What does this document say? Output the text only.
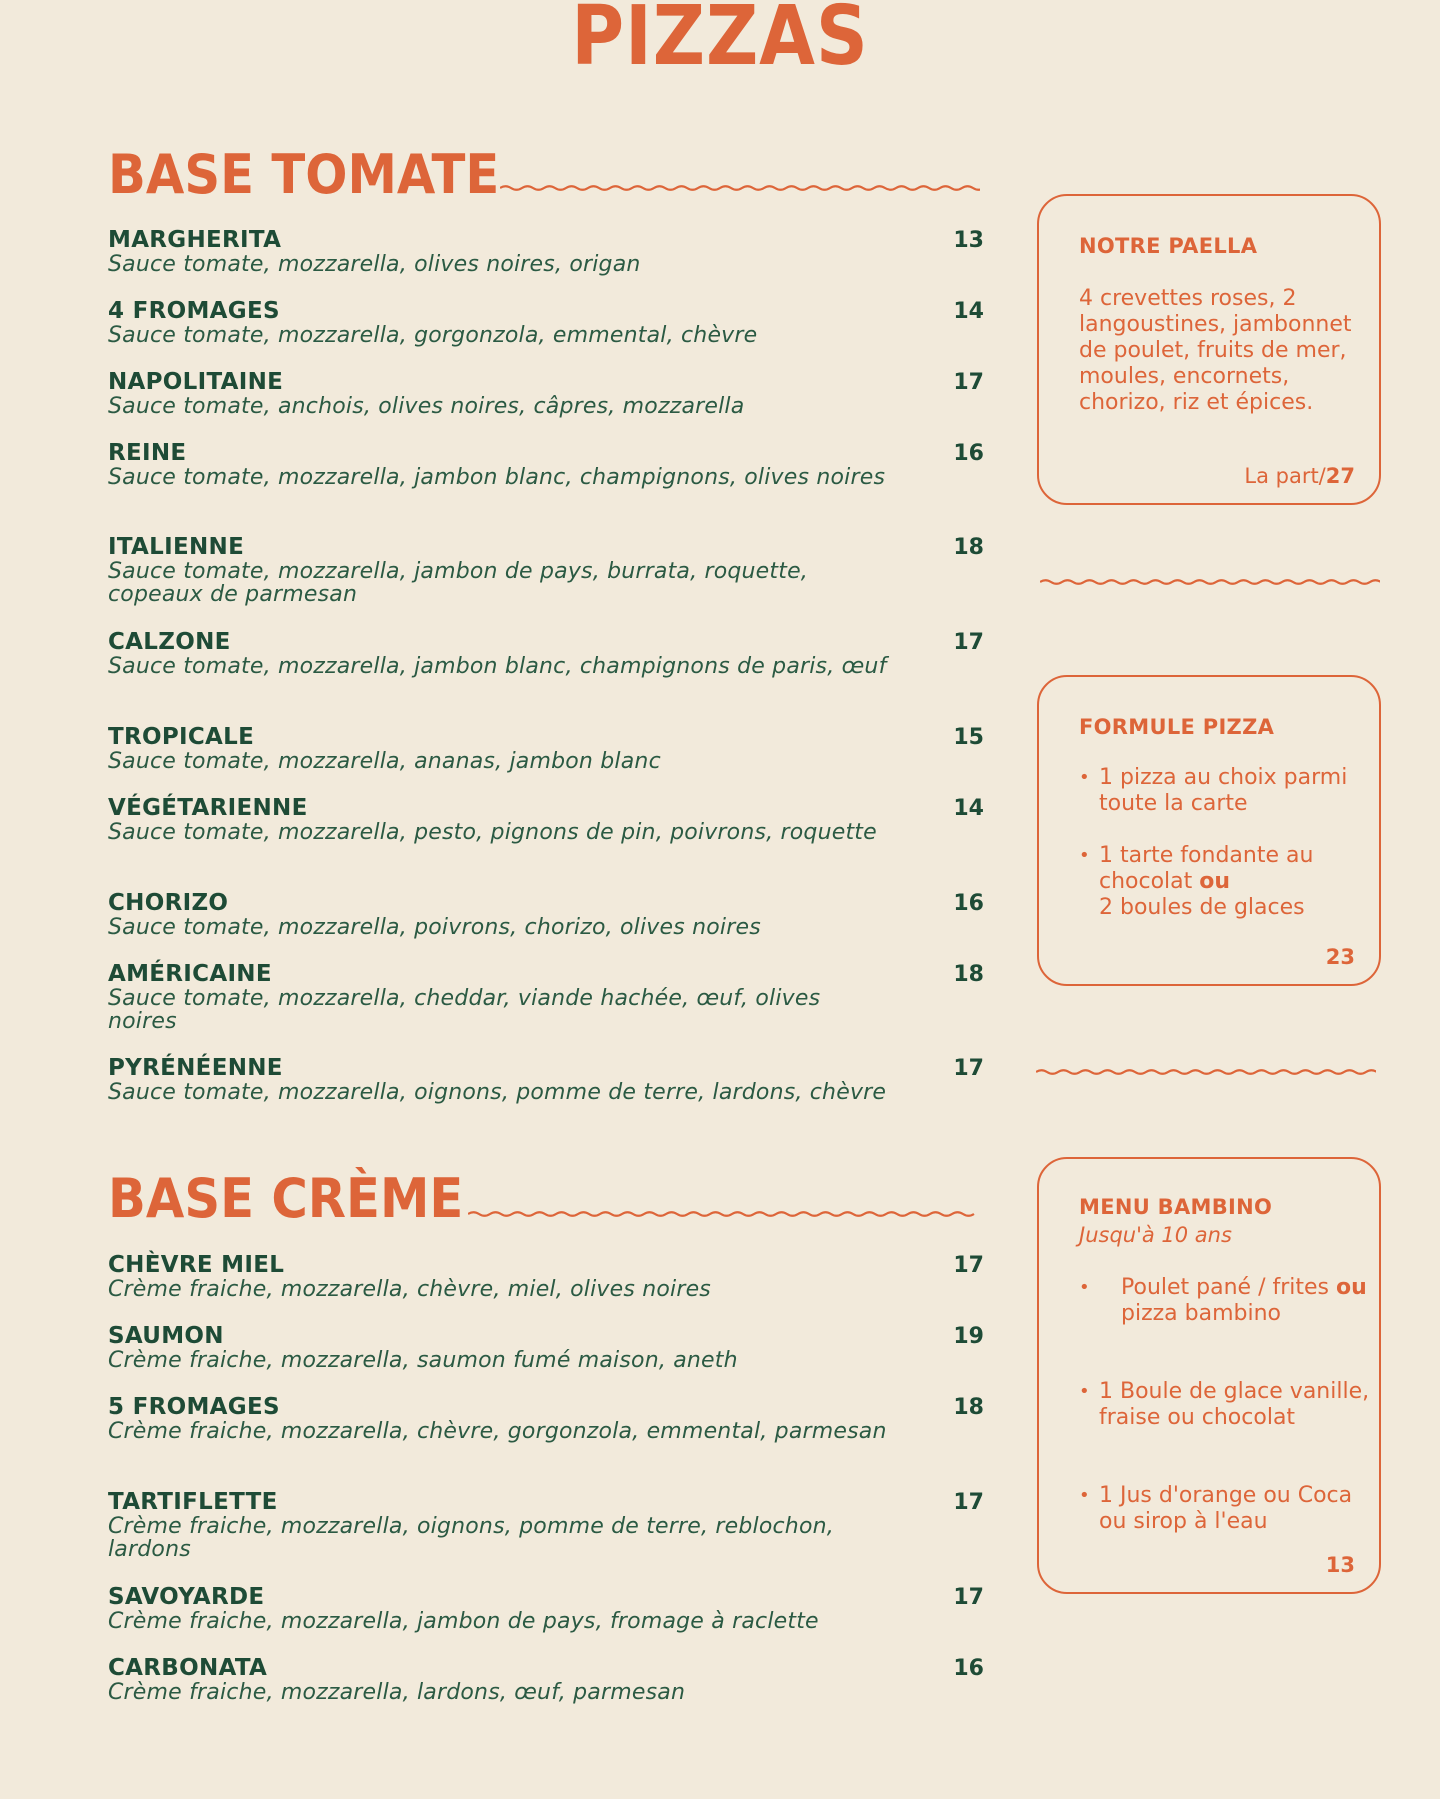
PIZZAS
BASE TOMATE
MARGHERITA	13
Sauce tomate, mozzarella, olives noires, origan
4 FROMAGES	14
Sauce tomate, mozzarella, gorgonzola, emmental, chèvre
NAPOLITAINE	17
Sauce tomate, anchois, olives noires, câpres, mozzarella
REINE	16
Sauce tomate, mozzarella, jambon blanc, champignons, olives noires
ITALIENNE	18
Sauce tomate, mozzarella, jambon de pays, burrata, roquette, copeaux de parmesan
CALZONE	17
Sauce tomate, mozzarella, jambon blanc, champignons de paris, œuf
TROPICALE	15
Sauce tomate, mozzarella, ananas, jambon blanc
VÉGÉTARIENNE	14
Sauce tomate, mozzarella, pesto, pignons de pin, poivrons, roquette
CHORIZO	16
Sauce tomate, mozzarella, poivrons, chorizo, olives noires
AMÉRICAINE	18
Sauce tomate, mozzarella, cheddar, viande hachée, œuf, olives noires
PYRÉNÉENNE	17
Sauce tomate, mozzarella, oignons, pomme de terre, lardons, chèvre
BASE CRÈME
CHÈVRE MIEL	17
Crème fraiche, mozzarella, chèvre, miel, olives noires
SAUMON	19
Crème fraiche, mozzarella, saumon fumé maison, aneth
5 FROMAGES	18
Crème fraiche, mozzarella, chèvre, gorgonzola, emmental, parmesan
TARTIFLETTE	17
Crème fraiche, mozzarella, oignons, pomme de terre, reblochon, lardons
SAVOYARDE	17
Crème fraiche, mozzarella, jambon de pays, fromage à raclette
CARBONATA	16
Crème fraiche, mozzarella, lardons, œuf, parmesan
NOTRE PAELLA
4 crevettes roses, 2 langoustines, jambonnet de poulet, fruits de mer, moules, encornets, chorizo, riz et épices.
La part/27
FORMULE PIZZA
• 1 pizza au choix parmi toute la carte
• 1 tarte fondante au chocolat ou
2 boules de glaces
23
MENU BAMBINO
Jusqu'à 10 ans
• Poulet pané / frites ou pizza bambino
• 1 Boule de glace vanille, fraise ou chocolat
• 1 Jus d'orange ou Coca ou sirop à l'eau
13
